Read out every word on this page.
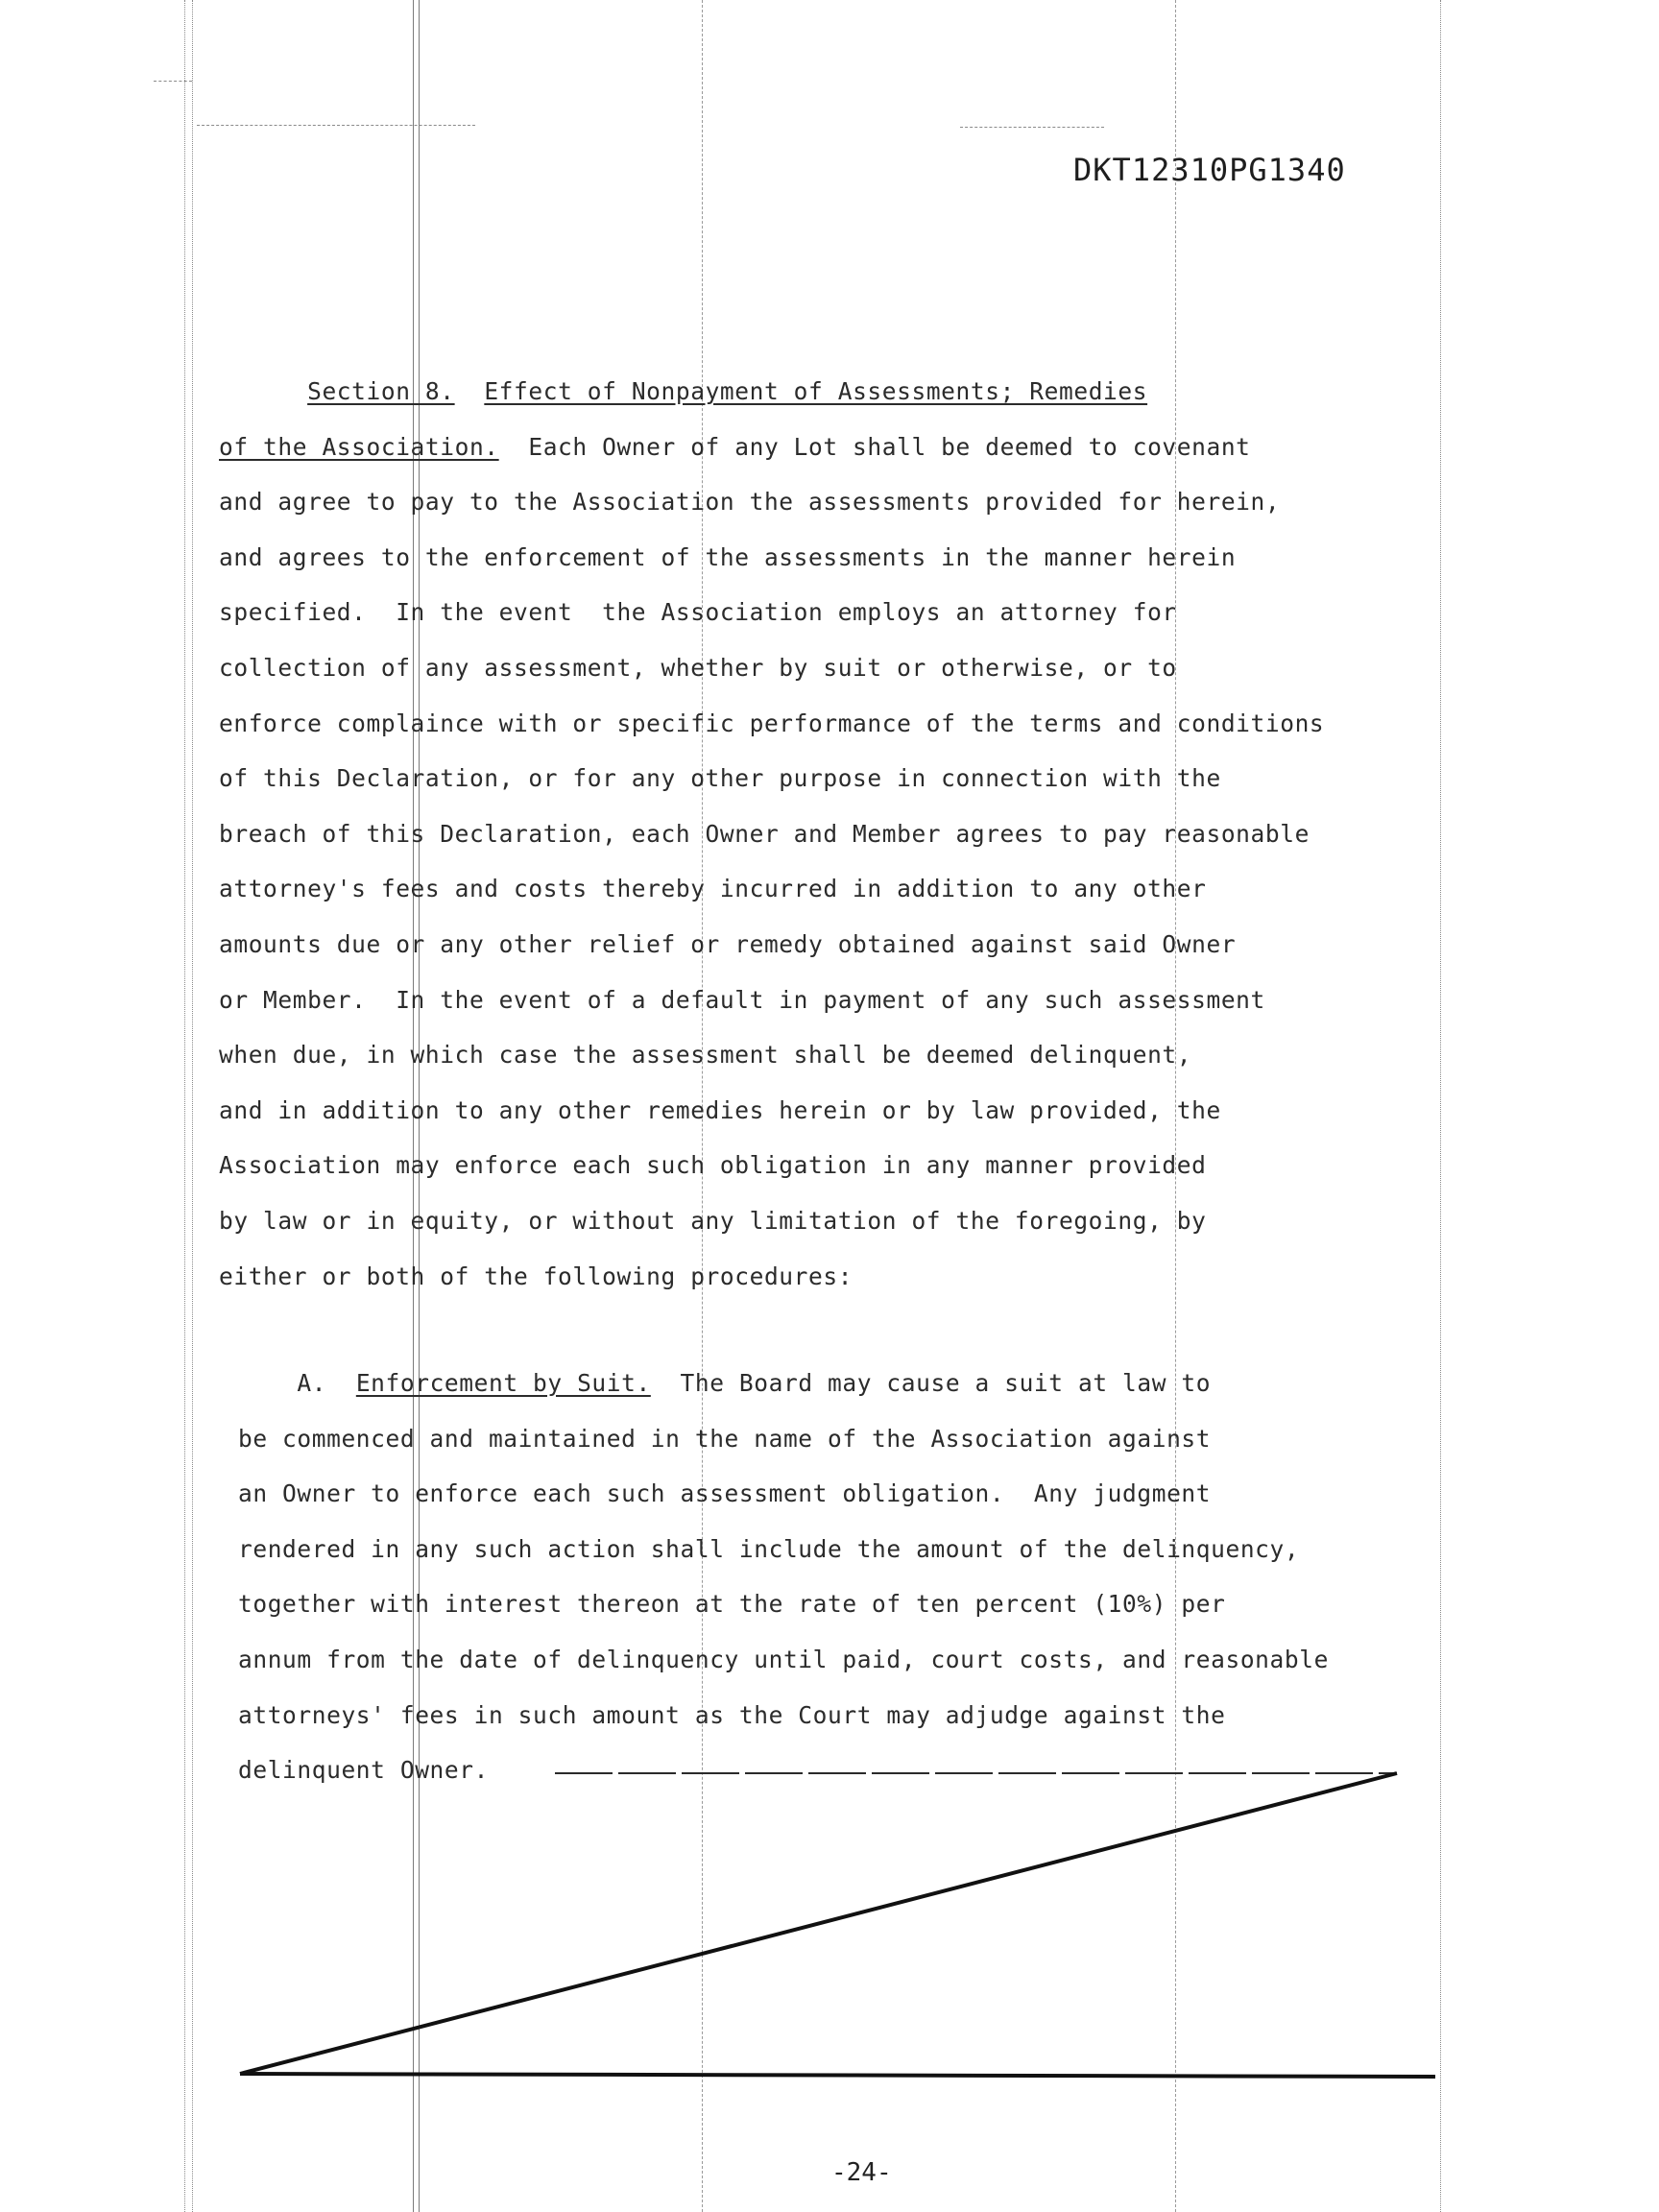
DKT12310PG1340
Section 8. Effect of Nonpayment of Assessments; Remedies
of the Association.  Each Owner of any Lot shall be deemed to covenant
and agree to pay to the Association the assessments provided for herein,
and agrees to the enforcement of the assessments in the manner herein
specified.  In the event  the Association employs an attorney for
collection of any assessment, whether by suit or otherwise, or to
enforce complaince with or specific performance of the terms and conditions
of this Declaration, or for any other purpose in connection with the
breach of this Declaration, each Owner and Member agrees to pay reasonable
attorney's fees and costs thereby incurred in addition to any other
amounts due or any other relief or remedy obtained against said Owner
or Member.  In the event of a default in payment of any such assessment
when due, in which case the assessment shall be deemed delinquent,
and in addition to any other remedies herein or by law provided, the
Association may enforce each such obligation in any manner provided
by law or in equity, or without any limitation of the foregoing, by
either or both of the following procedures:
A.  Enforcement by Suit.  The Board may cause a suit at law to
be commenced and maintained in the name of the Association against
an Owner to enforce each such assessment obligation.  Any judgment
rendered in any such action shall include the amount of the delinquency,
together with interest thereon at the rate of ten percent (10%) per
annum from the date of delinquency until paid, court costs, and reasonable
attorneys' fees in such amount as the Court may adjudge against the
delinquent Owner.
-24-
